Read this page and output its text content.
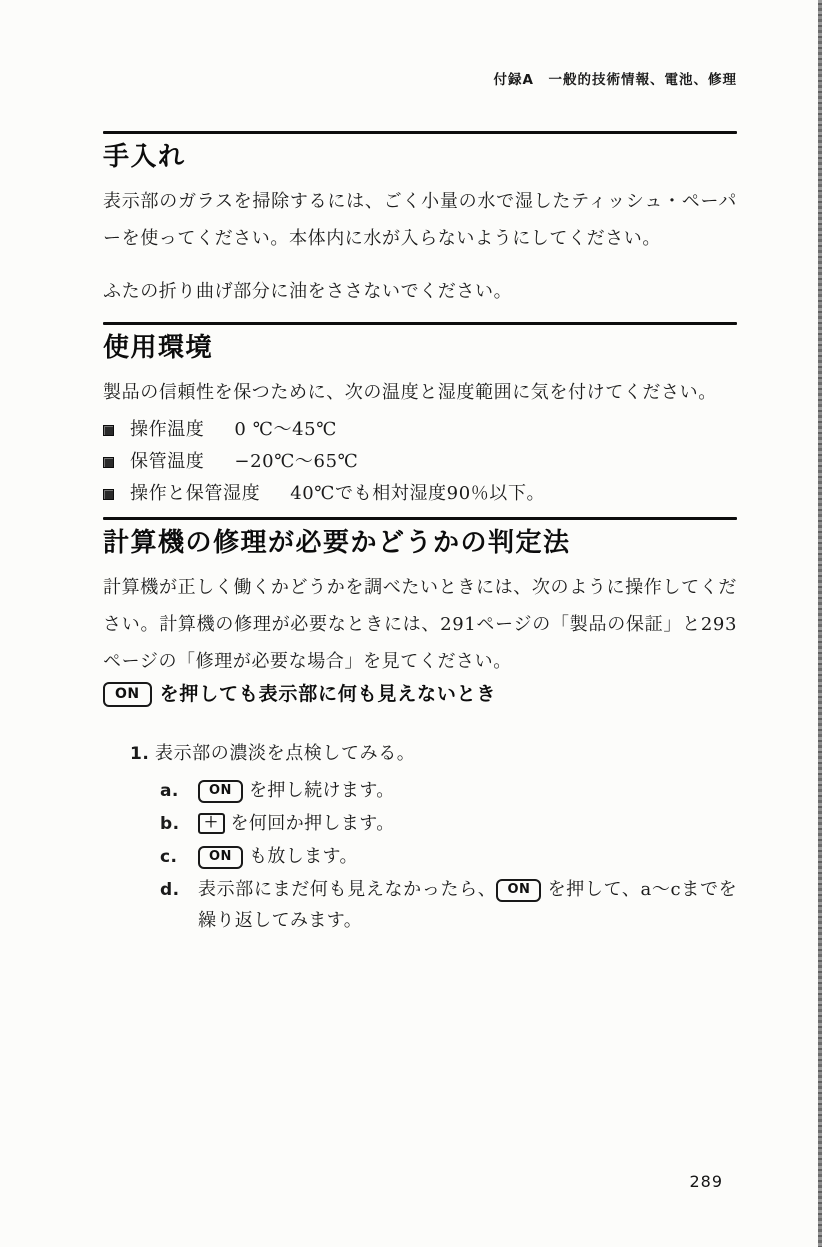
付録A　一般的技術情報、電池、修理
手入れ

表示部のガラスを掃除するには、ごく小量の水で湿したティッシュ・ペーパーを使ってください。本体内に水が入らないようにしてください。

ふたの折り曲げ部分に油をささないでください。

使用環境

製品の信頼性を保つために、次の温度と湿度範囲に気を付けてください。

操作温度 0 ℃〜45℃
保管温度 −20℃〜65℃
操作と保管湿度 40℃でも相対湿度90％以下。
計算機の修理が必要かどうかの判定法

計算機が正しく働くかどうかを調べたいときには、次のように操作してください。計算機の修理が必要なときには、291ページの「製品の保証」と293ページの「修理が必要な場合」を見てください。

ON	を押しても表示部に何も見えないとき
1. 表示部の濃淡を点検してみる。
a.	ON を押し続けます。
b.	＋ を何回か押します。
c.	ON も放します。
d.	表示部にまだ何も見えなかったら、 ON を押して、a〜cまでを繰り返してみます。
289
